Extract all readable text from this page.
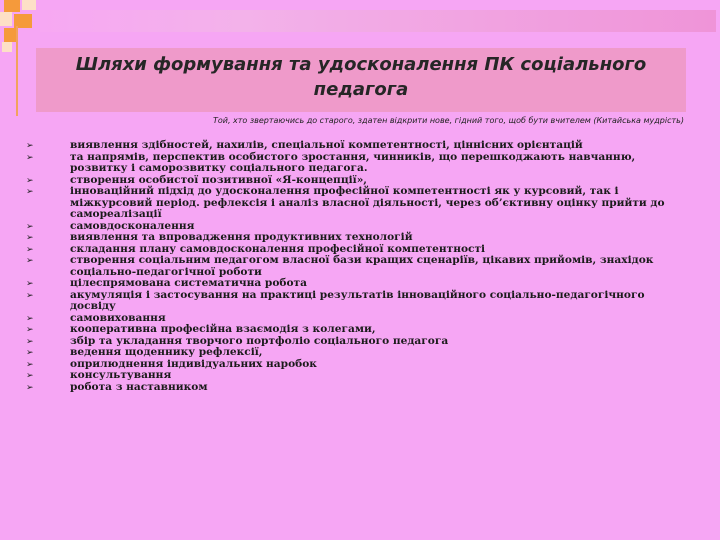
Шляхи формування та удосконалення ПК соціального педагога
Той, хто звертаючись до старого, здатен відкрити нове, гідний того, щоб бути вчителем (Китайська мудрість)
➢	виявлення здібностей, нахилів, спеціальної компетентності, ціннісних орієнтацій
➢	та напрямів, перспектив особистого зростання, чинників, що перешкоджають навчанню, розвитку і саморозвитку соціального педагога.
➢	створення особистої позитивної «Я-концепції»,
➢	інноваційний підхід до удосконалення професійної компетентності як у курсовий, так і міжкурсовий період. рефлексія і аналіз власної діяльності, через об’єктивну оцінку прийти до самореалізації
➢	самовдосконалення
➢	виявлення та впровадження продуктивних технологій
➢	складання плану самовдосконалення професійної компетентності
➢	створення соціальним педагогом власної бази кращих сценаріїв, цікавих прийомів, знахідок соціально-педагогічної роботи
➢	цілеспрямована систематична робота
➢	акумуляція і застосування на практиці результатів інноваційного соціально-педагогічного досвіду
➢	самовиховання
➢	кооперативна професійна взаємодія з колегами,
➢	збір та укладання творчого портфоліо соціального педагога
➢	ведення щоденнику рефлексії,
➢	оприлюднення індивідуальних наробок
➢	консультування
➢	робота з наставником
